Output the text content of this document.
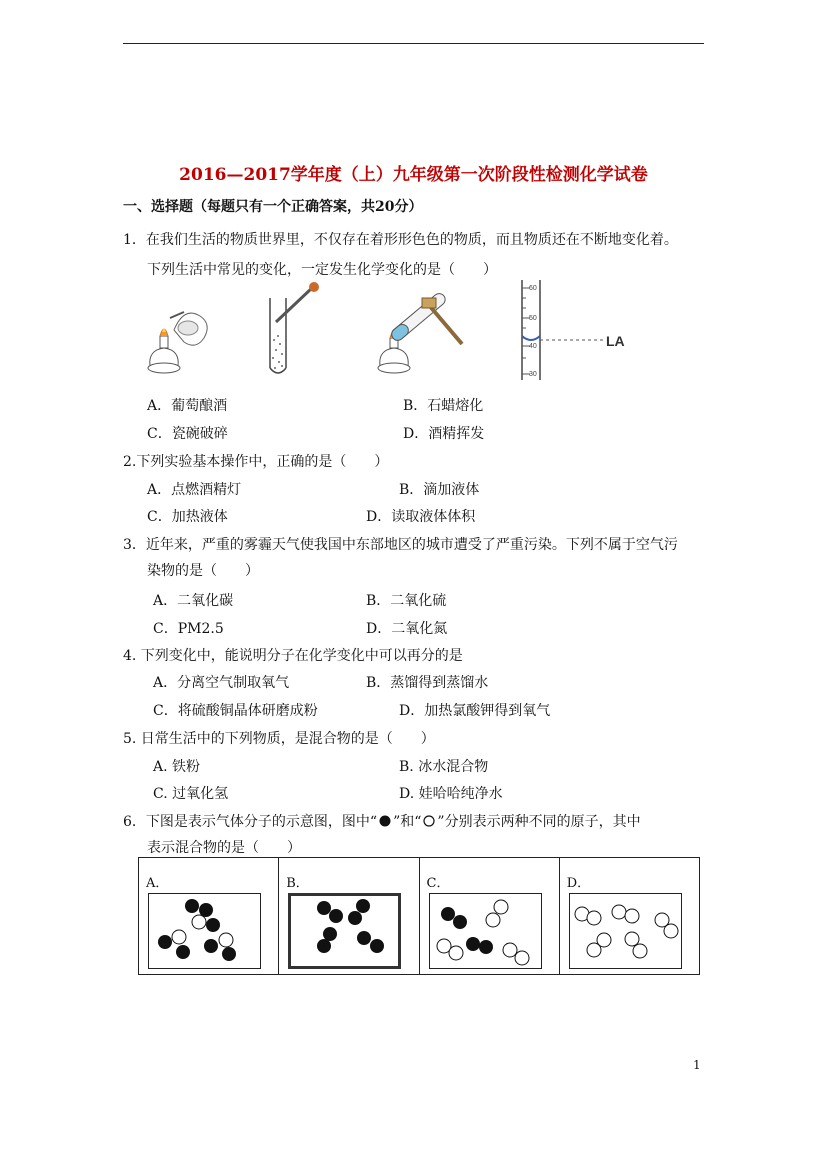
2016—2017学年度（上）九年级第一次阶段性检测化学试卷
一、选择题（每题只有一个正确答案，共20分）
1．在我们生活的物质世界里，不仅存在着形形色色的物质，而且物质还在不断地变化着。
下列生活中常见的变化，一定发生化学变化的是（　　）
60
50
40
30
LA
A．葡萄酿酒	B．石蜡熔化
C．瓷碗破碎	D．酒精挥发
2.下列实验基本操作中，正确的是（　　）
A．点燃酒精灯	B．滴加液体
C．加热液体	D．读取液体体积
3．近年来，严重的雾霾天气使我国中东部地区的城市遭受了严重污染。下列不属于空气污
染物的是（　　）
A．二氧化碳	B．二氧化硫
C．PM2.5	D．二氧化氮
4. 下列变化中，能说明分子在化学变化中可以再分的是
A．分离空气制取氧气	B．蒸馏得到蒸馏水
C．将硫酸铜晶体研磨成粉	D．加热氯酸钾得到氧气
5. 日常生活中的下列物质，是混合物的是（　　）
A. 铁粉	B. 冰水混合物
C. 过氧化氢	D. 娃哈哈纯净水
6．下图是表示气体分子的示意图，图中“ ”和“ ”分别表示两种不同的原子，其中
表示混合物的是（　　）
A．	B．	C．	D．
1
